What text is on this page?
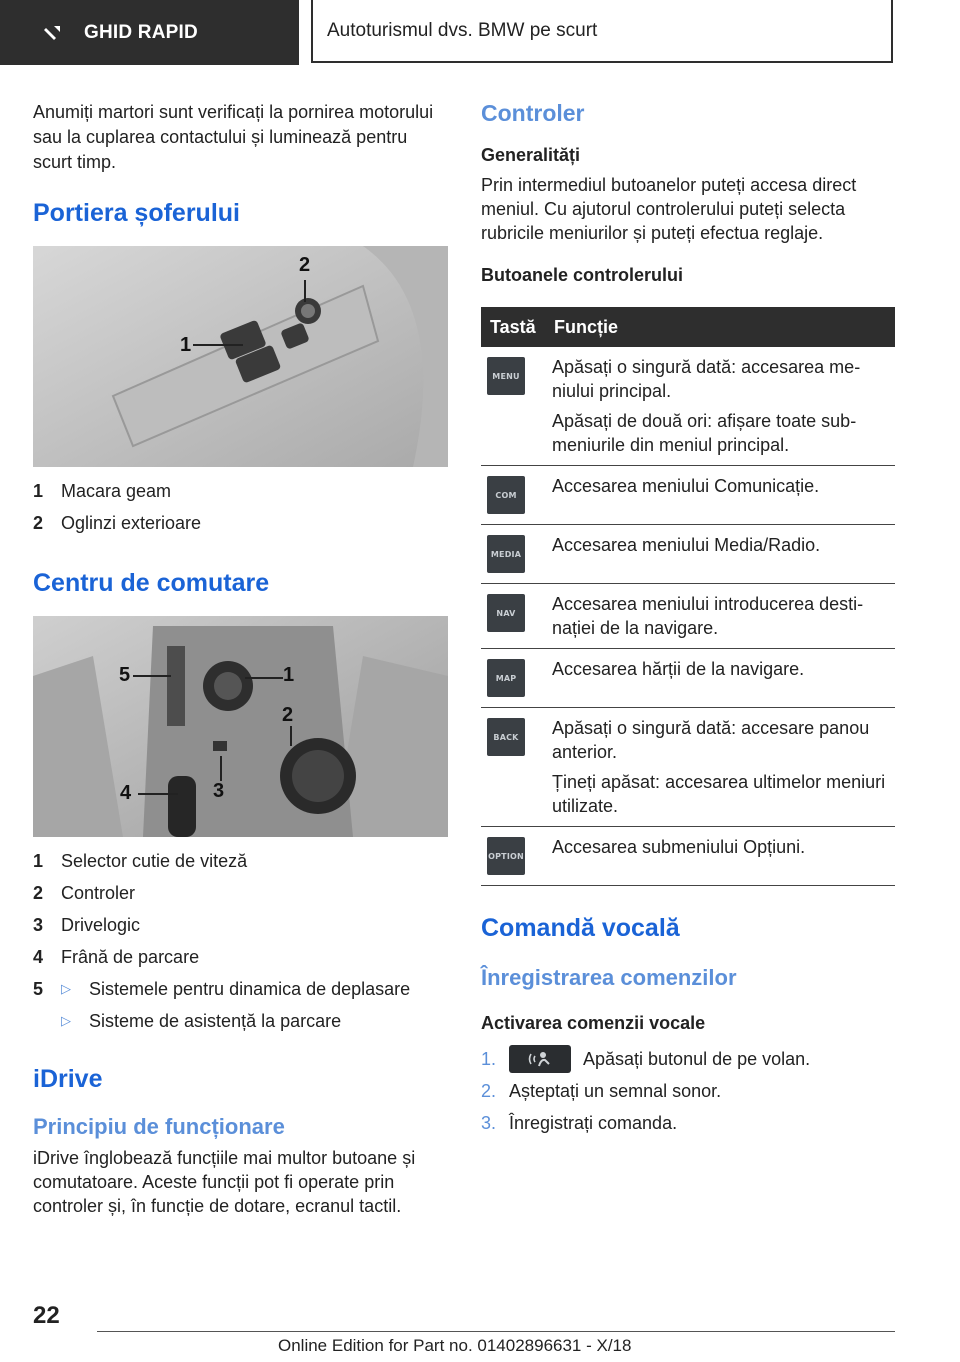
GHID RAPID	Autoturismul dvs. BMW pe scurt

Anumiți martori sunt verificați la pornirea motorului sau la cuplarea contactului și luminează pentru scurt timp.

Portiera șoferului
1
2
1 Macara geam
2 Oglinzi exterioare
Centru de comutare
1
2
3
4
5
1 Selector cutie de viteză
2 Controler
3 Drivelogic
4 Frână de parcare
5	▷	Sistemele pentru dinamica de deplasare
▷	Sisteme de asistență la parcare
iDrive
Principiu de funcționare

iDrive înglobează funcțiile mai multor butoane și comutatoare. Aceste funcții pot fi operate prin controler și, în funcție de dotare, ecranul tactil.

Controler

Generalități

Prin intermediul butoanelor puteți accesa direct meniul. Cu ajutorul controlerului puteți selecta rubricile meniurilor și puteți efectua reglaje.

Butoanele controlerului

Tastă	Funcție

MENU	Apăsați o singură dată: accesarea meniului principal.

Apăsați de două ori: afișare toate submeniurile din meniul principal.

COM	Accesarea meniului Comunicație.

MEDIA	Accesarea meniului Media/Radio.

NAV	Accesarea meniului introducerea destinației de la navigare.

MAP	Accesarea hărții de la navigare.

BACK	Apăsați o singură dată: accesare panou anterior.

Țineți apăsat: accesarea ultimelor meniuri utilizate.

OPTION	Accesarea submeniului Opțiuni.

Comandă vocală
Înregistrarea comenzilor

Activarea comenzii vocale

1.	Apăsați butonul de pe volan.
2. Așteptați un semnal sonor.
3. Înregistrați comanda.
22
Online Edition for Part no. 01402896631 - X/18
